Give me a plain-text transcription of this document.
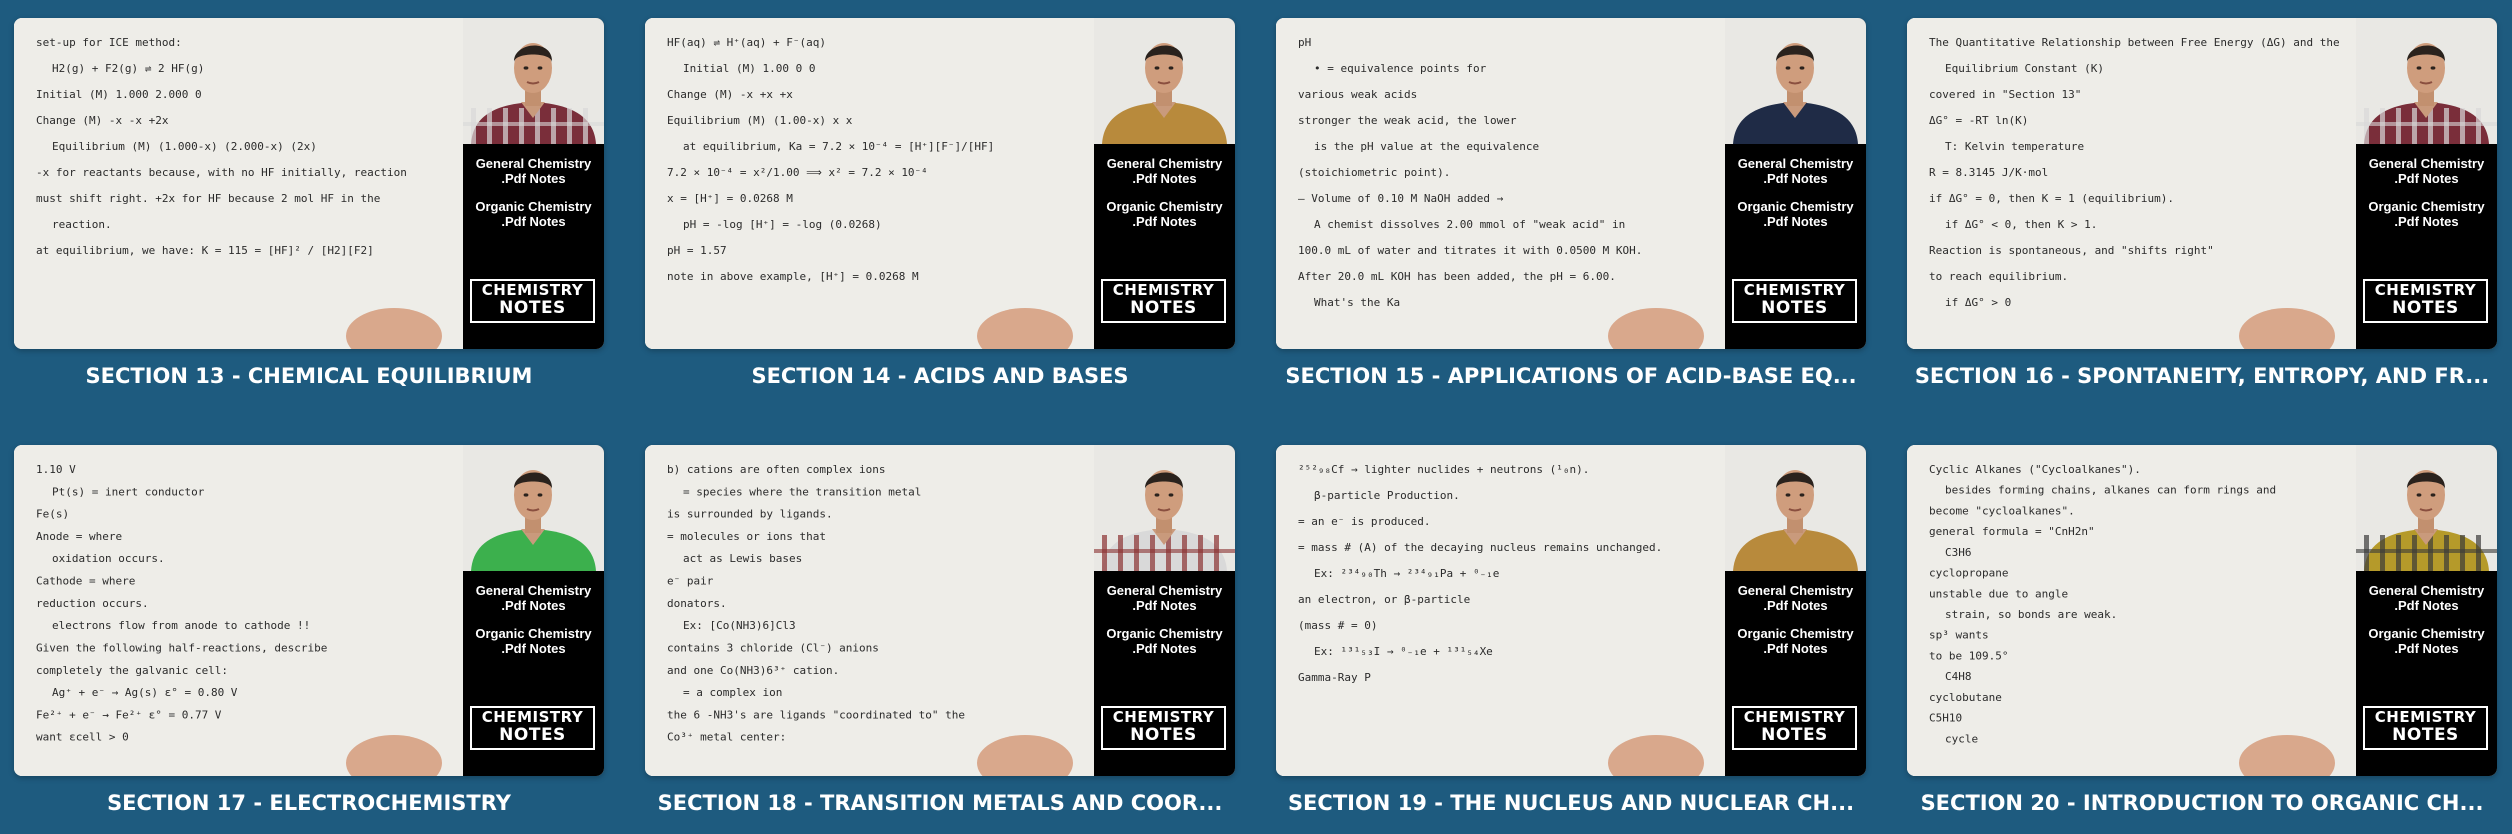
set-up for ICE method:
H2(g) + F2(g) ⇌ 2 HF(g)
Initial (M) 1.000 2.000 0
Change (M) -x -x +2x
Equilibrium (M) (1.000-x) (2.000-x) (2x)
-x for reactants because, with no HF initially, reaction
must shift right. +2x for HF because 2 mol HF in the
reaction.
at equilibrium, we have: K = 115 = [HF]² / [H2][F2]
General Chemistry
.Pdf Notes
Organic Chemistry
.Pdf Notes
CHEMISTRY
NOTES
SECTION 13 - CHEMICAL EQUILIBRIUM
HF(aq) ⇌ H⁺(aq) + F⁻(aq)
Initial (M) 1.00 0 0
Change (M) -x +x +x
Equilibrium (M) (1.00-x) x x
at equilibrium, Ka = 7.2 × 10⁻⁴ = [H⁺][F⁻]/[HF]
7.2 × 10⁻⁴ = x²/1.00 ⟹ x² = 7.2 × 10⁻⁴
x = [H⁺] = 0.0268 M
pH = -log [H⁺] = -log (0.0268)
pH = 1.57
note in above example, [H⁺] = 0.0268 M
General Chemistry
.Pdf Notes
Organic Chemistry
.Pdf Notes
CHEMISTRY
NOTES
SECTION 14 - ACIDS AND BASES
pH
• = equivalence points for
various weak acids
stronger the weak acid, the lower
is the pH value at the equivalence
(stoichiometric point).
— Volume of 0.10 M NaOH added →
A chemist dissolves 2.00 mmol of "weak acid" in
100.0 mL of water and titrates it with 0.0500 M KOH.
After 20.0 mL KOH has been added, the pH = 6.00.
What's the Ka
General Chemistry
.Pdf Notes
Organic Chemistry
.Pdf Notes
CHEMISTRY
NOTES
SECTION 15 - APPLICATIONS OF ACID-BASE EQ...
The Quantitative Relationship between Free Energy (ΔG) and the
Equilibrium Constant (K)
covered in "Section 13"
ΔG° = -RT ln(K)
T: Kelvin temperature
R = 8.3145 J/K·mol
if ΔG° = 0, then K = 1 (equilibrium).
if ΔG° < 0, then K > 1.
Reaction is spontaneous, and "shifts right"
to reach equilibrium.
if ΔG° > 0
General Chemistry
.Pdf Notes
Organic Chemistry
.Pdf Notes
CHEMISTRY
NOTES
SECTION 16 - SPONTANEITY, ENTROPY, AND FR...
1.10 V
Pt(s) = inert conductor
Fe(s)
Anode = where
oxidation occurs.
Cathode = where
reduction occurs.
electrons flow from anode to cathode !!
Given the following half-reactions, describe
completely the galvanic cell:
Ag⁺ + e⁻ → Ag(s) ε° = 0.80 V
Fe²⁺ + e⁻ → Fe²⁺ ε° = 0.77 V
want εcell > 0
General Chemistry
.Pdf Notes
Organic Chemistry
.Pdf Notes
CHEMISTRY
NOTES
SECTION 17 - ELECTROCHEMISTRY
b) cations are often complex ions
= species where the transition metal
is surrounded by ligands.
= molecules or ions that
act as Lewis bases
e⁻ pair
donators.
Ex: [Co(NH3)6]Cl3
contains 3 chloride (Cl⁻) anions
and one Co(NH3)6³⁺ cation.
= a complex ion
the 6 -NH3's are ligands "coordinated to" the
Co³⁺ metal center:
General Chemistry
.Pdf Notes
Organic Chemistry
.Pdf Notes
CHEMISTRY
NOTES
SECTION 18 - TRANSITION METALS AND COOR...
²⁵²₉₈Cf → lighter nuclides + neutrons (¹₀n).
β-particle Production.
= an e⁻ is produced.
= mass # (A) of the decaying nucleus remains unchanged.
Ex: ²³⁴₉₀Th → ²³⁴₉₁Pa + ⁰₋₁e
an electron, or β-particle
(mass # = 0)
Ex: ¹³¹₅₃I → ⁰₋₁e + ¹³¹₅₄Xe
Gamma-Ray P
General Chemistry
.Pdf Notes
Organic Chemistry
.Pdf Notes
CHEMISTRY
NOTES
SECTION 19 - THE NUCLEUS AND NUCLEAR CH...
Cyclic Alkanes ("Cycloalkanes").
besides forming chains, alkanes can form rings and
become "cycloalkanes".
general formula = "CnH2n"
C3H6
cyclopropane
unstable due to angle
strain, so bonds are weak.
sp³ wants
to be 109.5°
C4H8
cyclobutane
C5H10
cycle
General Chemistry
.Pdf Notes
Organic Chemistry
.Pdf Notes
CHEMISTRY
NOTES
SECTION 20 - INTRODUCTION TO ORGANIC CH...
